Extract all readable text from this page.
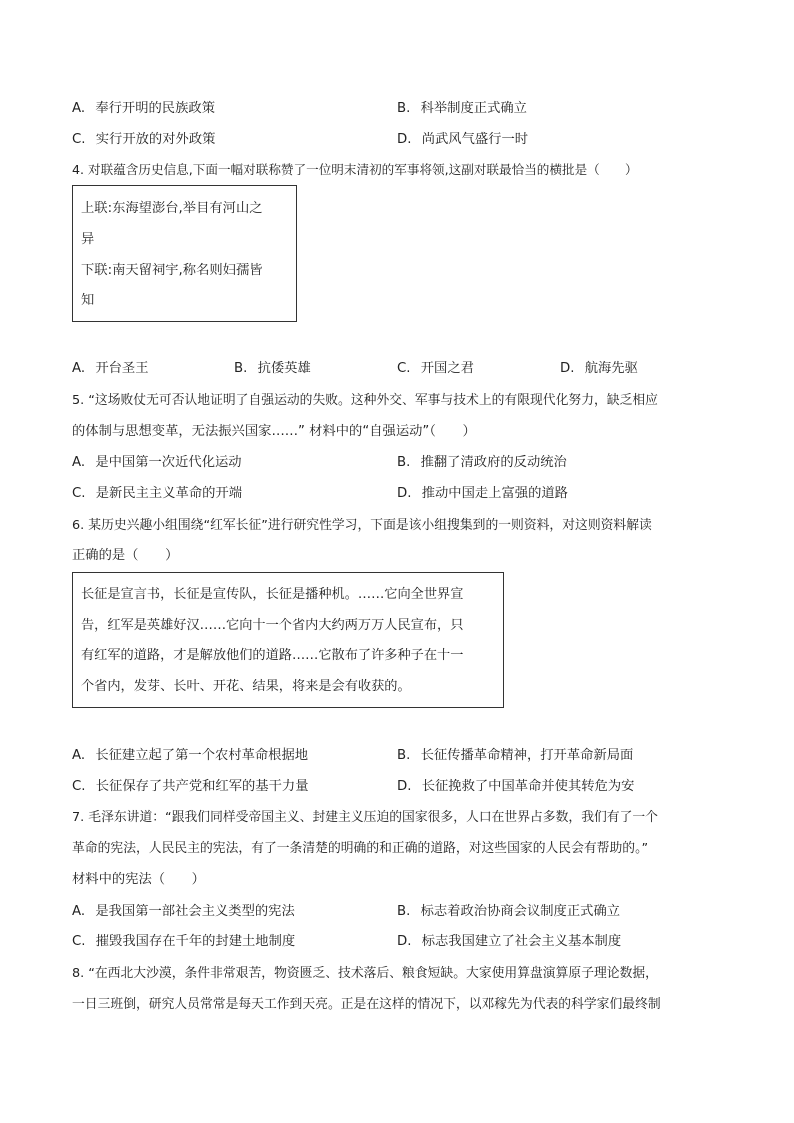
A. 奉行开明的民族政策	B. 科举制度正式确立
C. 实行开放的对外政策	D. 尚武风气盛行一时
4. 对联蕴含历史信息,下面一幅对联称赞了一位明末清初的军事将领,这副对联最恰当的横批是（　　）
上联:东海望澎台,举目有河山之
异
下联:南天留祠宇,称名则妇孺皆
知
A. 开台圣王	B. 抗倭英雄	C. 开国之君	D. 航海先驱
5. “这场败仗无可否认地证明了自强运动的失败。这种外交、军事与技术上的有限现代化努力，缺乏相应
的体制与思想变革，无法振兴国家……” 材料中的“自强运动”（　　）
A. 是中国第一次近代化运动	B. 推翻了清政府的反动统治
C. 是新民主主义革命的开端	D. 推动中国走上富强的道路
6. 某历史兴趣小组围绕“红军长征”进行研究性学习，下面是该小组搜集到的一则资料，对这则资料解读
正确的是（　　）
长征是宣言书，长征是宣传队，长征是播种机。……它向全世界宣
告，红军是英雄好汉……它向十一个省内大约两万万人民宣布，只
有红军的道路，才是解放他们的道路……它散布了许多种子在十一
个省内，发芽、长叶、开花、结果，将来是会有收获的。
A. 长征建立起了第一个农村革命根据地	B. 长征传播革命精神，打开革命新局面
C. 长征保存了共产党和红军的基干力量	D. 长征挽救了中国革命并使其转危为安
7. 毛泽东讲道：“跟我们同样受帝国主义、封建主义压迫的国家很多，人口在世界占多数，我们有了一个
革命的宪法，人民民主的宪法，有了一条清楚的明确的和正确的道路，对这些国家的人民会有帮助的。”
材料中的宪法（　　）
A. 是我国第一部社会主义类型的宪法	B. 标志着政治协商会议制度正式确立
C. 摧毁我国存在千年的封建土地制度	D. 标志我国建立了社会主义基本制度
8. “在西北大沙漠，条件非常艰苦，物资匮乏、技术落后、粮食短缺。大家使用算盘演算原子理论数据，
一日三班倒，研究人员常常是每天工作到天亮。正是在这样的情况下，以邓稼先为代表的科学家们最终制
